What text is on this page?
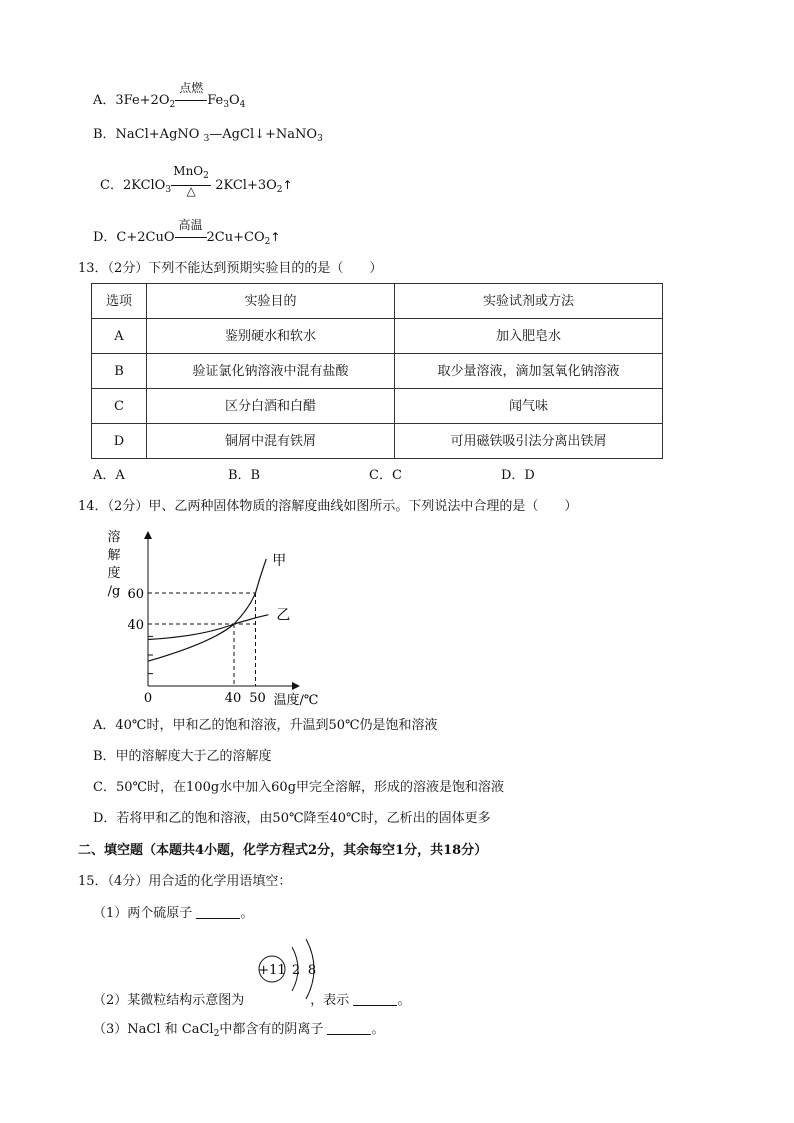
A．$3Fe+2O_2$
点燃
$Fe_3O_4$
B．NaCl+AgNO $_3$—AgCl↓+NaNO$_3$
C．2KClO$_3$
MnO$_2$
△	$2KCl+3O_2↑$
D．C+2CuO
高温
$2Cu+CO_2↑$
13．（2分）下列不能达到预期实验目的的是（　　）
选项	实验目的	实验试剂或方法
A	鉴别硬水和软水	加入肥皂水
B	验证氯化钠溶液中混有盐酸	取少量溶液，滴加氢氧化钠溶液
C	区分白酒和白醋	闻气味
D	铜屑中混有铁屑	可用磁铁吸引法分离出铁屑
A．A	B．B	C．C	D．D
14．（2分）甲、乙两种固体物质的溶解度曲线如图所示。下列说法中合理的是（　　）
溶
解
度
/g
40
60
甲
乙
0	40 50 温度/℃
A．40℃时，甲和乙的饱和溶液，升温到50℃仍是饱和溶液
B．甲的溶解度大于乙的溶解度
C．50℃时，在100g水中加入60g甲完全溶解，形成的溶液是饱和溶液
D．若将甲和乙的饱和溶液，由50℃降至40℃时，乙析出的固体更多
二、填空题（本题共4小题，化学方程式2分，其余每空1分，共18分）
15．（4分）用合适的化学用语填空：
（1）两个硫原子	。
+11 2 8
（2）某微粒结构示意图为	，表示	。
（3）NaCl 和 CaCl$_2$中都含有的阴离子	。
